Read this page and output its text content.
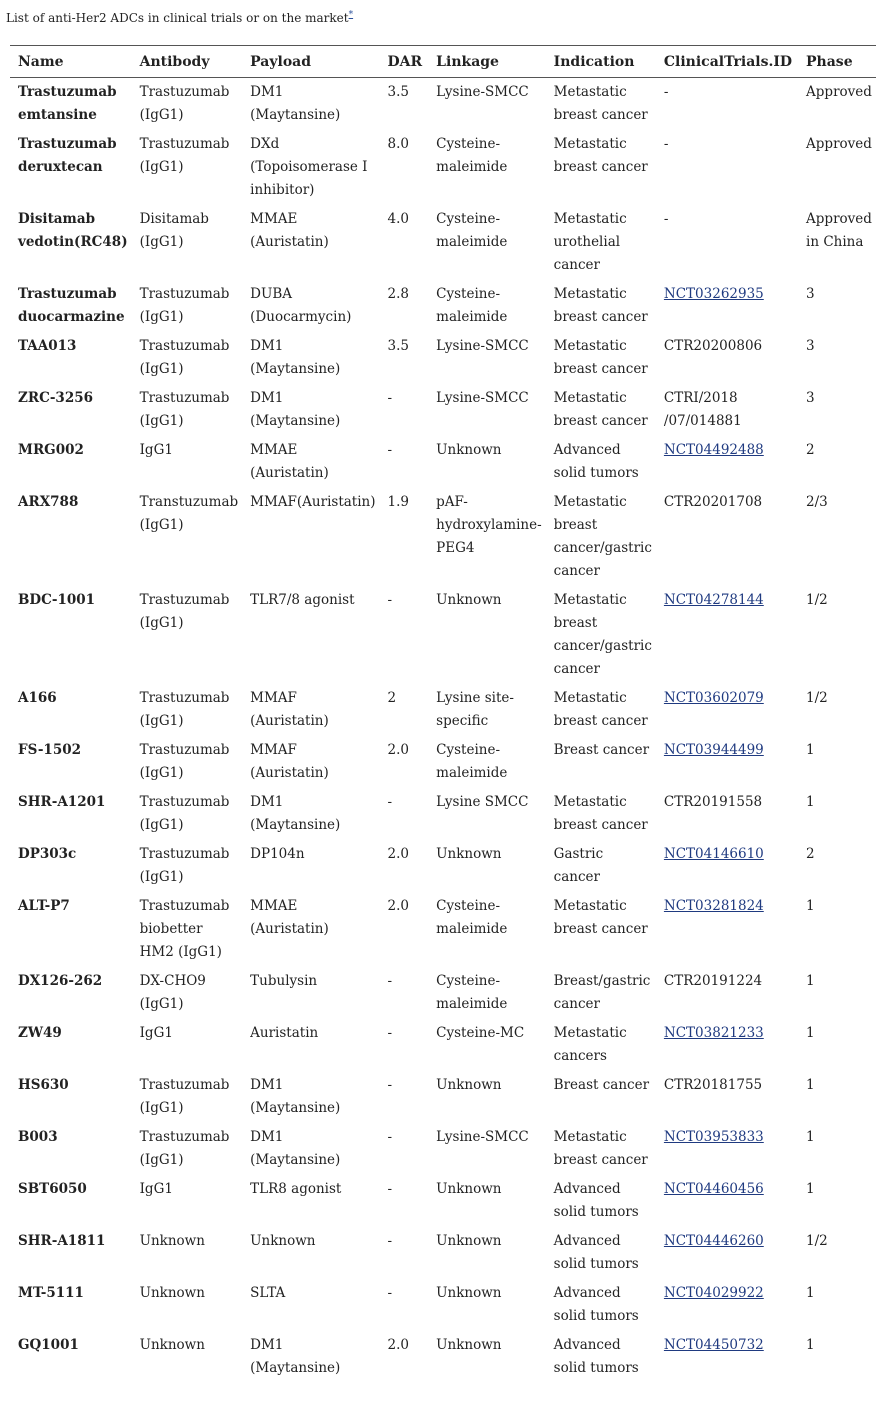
List of anti-Her2 ADCs in clinical trials or on the market*
Name	Antibody	Payload	DAR	Linkage	Indication	ClinicalTrials.ID	Phase
Trastuzumab emtansine	Trastuzumab (IgG1)	DM1 (Maytansine)	3.5	Lysine-SMCC	Metastatic breast cancer	-	Approved
Trastuzumab deruxtecan	Trastuzumab (IgG1)	DXd (Topoisomerase I inhibitor)	8.0	Cysteine-maleimide	Metastatic breast cancer	-	Approved
Disitamab vedotin(RC48)	Disitamab (IgG1)	MMAE (Auristatin)	4.0	Cysteine-maleimide	Metastatic urothelial cancer	-	Approved in China
Trastuzumab duocarmazine	Trastuzumab (IgG1)	DUBA (Duocarmycin)	2.8	Cysteine-maleimide	Metastatic breast cancer	NCT03262935	3
TAA013	Trastuzumab (IgG1)	DM1 (Maytansine)	3.5	Lysine-SMCC	Metastatic breast cancer	CTR20200806	3
ZRC-3256	Trastuzumab (IgG1)	DM1 (Maytansine)	-	Lysine-SMCC	Metastatic breast cancer	CTRI/2018 /07/014881	3
MRG002	IgG1	MMAE (Auristatin)	-	Unknown	Advanced solid tumors	NCT04492488	2
ARX788	Transtuzumab (IgG1)	MMAF(Auristatin)	1.9	pAF-hydroxylamine-PEG4	Metastatic breast cancer/gastric cancer	CTR20201708	2/3
BDC-1001	Trastuzumab (IgG1)	TLR7/8 agonist	-	Unknown	Metastatic breast cancer/gastric cancer	NCT04278144	1/2
A166	Trastuzumab (IgG1)	MMAF (Auristatin)	2	Lysine site-specific	Metastatic breast cancer	NCT03602079	1/2
FS-1502	Trastuzumab (IgG1)	MMAF (Auristatin)	2.0	Cysteine-maleimide	Breast cancer	NCT03944499	1
SHR-A1201	Trastuzumab (IgG1)	DM1 (Maytansine)	-	Lysine SMCC	Metastatic breast cancer	CTR20191558	1
DP303c	Trastuzumab (IgG1)	DP104n	2.0	Unknown	Gastric cancer	NCT04146610	2
ALT-P7	Trastuzumab biobetter HM2 (IgG1)	MMAE (Auristatin)	2.0	Cysteine-maleimide	Metastatic breast cancer	NCT03281824	1
DX126-262	DX-CHO9 (IgG1)	Tubulysin	-	Cysteine-maleimide	Breast/gastric cancer	CTR20191224	1
ZW49	IgG1	Auristatin	-	Cysteine-MC	Metastatic cancers	NCT03821233	1
HS630	Trastuzumab (IgG1)	DM1 (Maytansine)	-	Unknown	Breast cancer	CTR20181755	1
B003	Trastuzumab (IgG1)	DM1 (Maytansine)	-	Lysine-SMCC	Metastatic breast cancer	NCT03953833	1
SBT6050	IgG1	TLR8 agonist	-	Unknown	Advanced solid tumors	NCT04460456	1
SHR-A1811	Unknown	Unknown	-	Unknown	Advanced solid tumors	NCT04446260	1/2
MT-5111	Unknown	SLTA	-	Unknown	Advanced solid tumors	NCT04029922	1
GQ1001	Unknown	DM1 (Maytansine)	2.0	Unknown	Advanced solid tumors	NCT04450732	1
